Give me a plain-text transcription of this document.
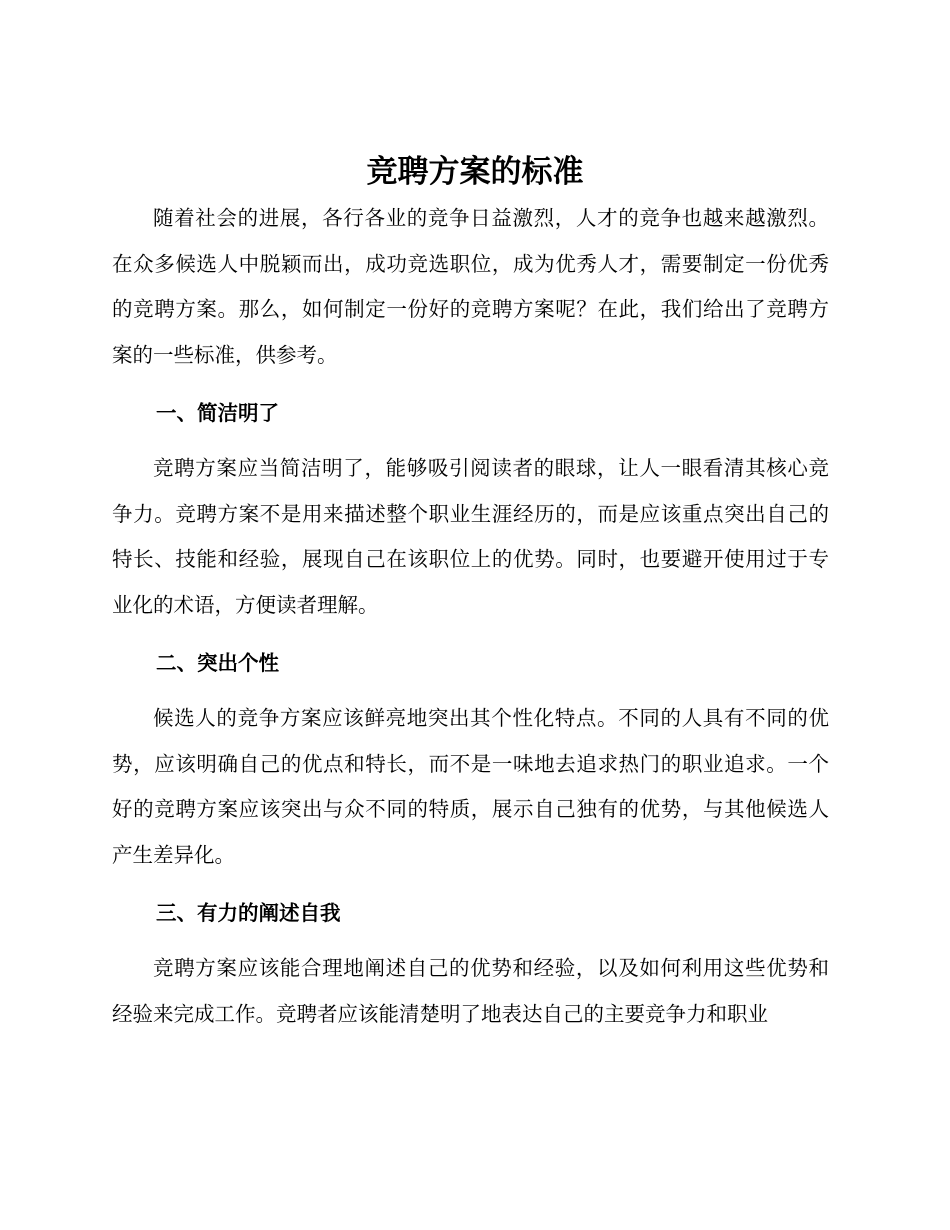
竞聘方案的标准

随着社会的进展，各行各业的竞争日益激烈，人才的竞争也越来越激烈。在众多候选人中脱颖而出，成功竞选职位，成为优秀人才，需要制定一份优秀的竞聘方案。那么，如何制定一份好的竞聘方案呢？在此，我们给出了竞聘方案的一些标准，供参考。

一、简洁明了

竞聘方案应当简洁明了，能够吸引阅读者的眼球，让人一眼看清其核心竞争力。竞聘方案不是用来描述整个职业生涯经历的，而是应该重点突出自己的特长、技能和经验，展现自己在该职位上的优势。同时，也要避开使用过于专业化的术语，方便读者理解。

二、突出个性

候选人的竞争方案应该鲜亮地突出其个性化特点。不同的人具有不同的优势，应该明确自己的优点和特长，而不是一味地去追求热门的职业追求。一个好的竞聘方案应该突出与众不同的特质，展示自己独有的优势，与其他候选人产生差异化。

三、有力的阐述自我

竞聘方案应该能合理地阐述自己的优势和经验，以及如何利用这些优势和经验来完成工作。竞聘者应该能清楚明了地表达自己的主要竞争力和职业
